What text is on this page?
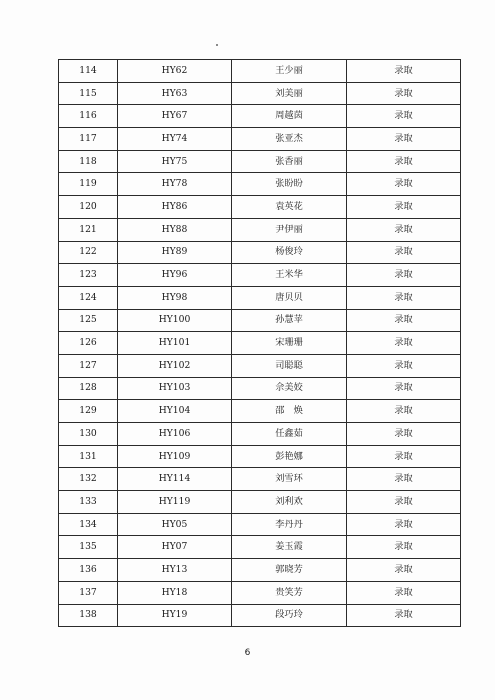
114	HY62	王少丽	录取
115	HY63	刘美丽	录取
116	HY67	周越茵	录取
117	HY74	张亚杰	录取
118	HY75	张香丽	录取
119	HY78	张盼盼	录取
120	HY86	袁英花	录取
121	HY88	尹伊丽	录取
122	HY89	杨俊玲	录取
123	HY96	王米华	录取
124	HY98	唐贝贝	录取
125	HY100	孙慧苹	录取
126	HY101	宋珊珊	录取
127	HY102	司聪聪	录取
128	HY103	佘美姣	录取
129	HY104	邵　焕	录取
130	HY106	任鑫茹	录取
131	HY109	彭艳娜	录取
132	HY114	刘雪环	录取
133	HY119	刘利欢	录取
134	HY05	李丹丹	录取
135	HY07	姜玉霞	录取
136	HY13	郭晓芳	录取
137	HY18	贵笑芳	录取
138	HY19	段巧玲	录取
6
